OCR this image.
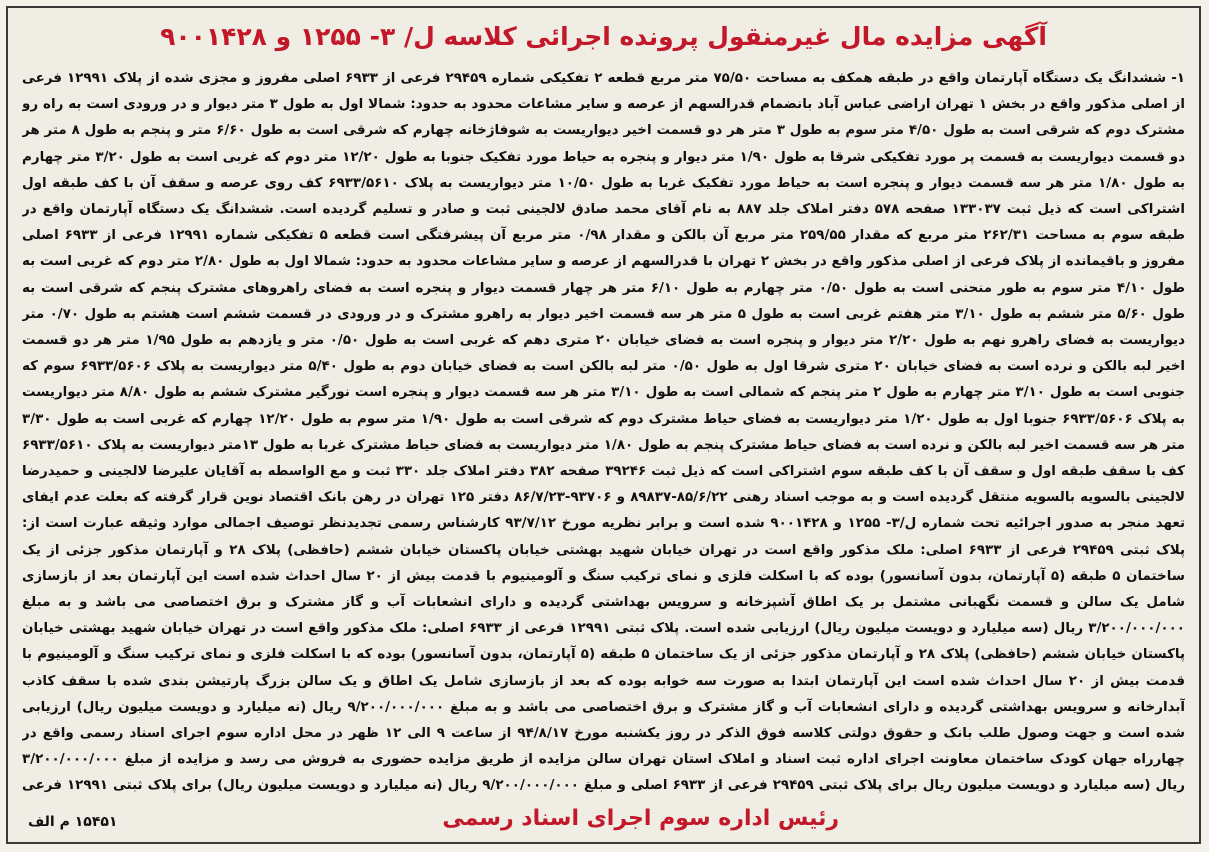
آگهی مزایده مال غیرمنقول پرونده اجرائی کلاسه ل/ ۳- ۱۲۵۵ و ۹۰۰۱۴۲۸
۱- ششدانگ یک دستگاه آپارتمان واقع در طبقه همکف به مساحت ۷۵/۵۰ متر مربع قطعه ۲ تفکیکی شماره ۲۹۴۵۹ فرعی از ۶۹۳۳ اصلی مفروز و مجزی شده از پلاک ۱۲۹۹۱ فرعی از اصلی مذکور واقع در بخش ۱ تهران اراضی عباس آباد بانضمام قدرالسهم از عرصه و سایر مشاعات محدود به حدود: شمالا اول به طول ۳ متر دیوار و در ورودی است به راه رو مشترک دوم که شرقی است به طول ۴/۵۰ متر سوم به طول ۳ متر هر دو قسمت اخیر دیواریست به شوفاژخانه چهارم که شرقی است به طول ۶/۶۰ متر و پنجم به طول ۸ متر هر دو قسمت دیواریست به قسمت پر مورد تفکیکی شرقا به طول ۱/۹۰ متر دیوار و پنجره به حیاط مورد تفکیک جنوبا به طول ۱۲/۲۰ متر دوم که غربی است به طول ۳/۲۰ متر چهارم به طول ۱/۸۰ متر هر سه قسمت دیوار و پنجره است به حیاط مورد تفکیک غربا به طول ۱۰/۵۰ متر دیواریست به پلاک ۶۹۳۳/۵۶۱۰ کف روی عرصه و سقف آن با کف طبقه اول اشتراکی است که ذیل ثبت ۱۳۳۰۳۷ صفحه ۵۷۸ دفتر املاک جلد ۸۸۷ به نام آقای محمد صادق لالجینی ثبت و صادر و تسلیم گردیده است. ششدانگ یک دستگاه آپارتمان واقع در طبقه سوم به مساحت ۲۶۲/۳۱ متر مربع که مقدار ۲۵۹/۵۵ متر مربع آن بالکن و مقدار ۰/۹۸ متر مربع آن پیشرفتگی است قطعه ۵ تفکیکی شماره ۱۲۹۹۱ فرعی از ۶۹۳۳ اصلی مفروز و باقیمانده از پلاک فرعی از اصلی مذکور واقع در بخش ۲ تهران با قدرالسهم از عرصه و سایر مشاعات محدود به حدود: شمالا اول به طول ۲/۸۰ متر دوم که غربی است به طول ۴/۱۰ متر سوم به طور منحنی است به طول ۰/۵۰ متر چهارم به طول ۶/۱۰ متر هر چهار قسمت دیوار و پنجره است به فضای راهروهای مشترک پنجم که شرقی است به طول ۵/۶۰ متر ششم به طول ۳/۱۰ متر هفتم غربی است به طول ۵ متر هر سه قسمت اخیر دیوار به راهرو مشترک و در ورودی در قسمت ششم است هشتم به طول ۰/۷۰ متر دیواریست به فضای راهرو نهم به طول ۲/۲۰ متر دیوار و پنجره است به فضای خیابان ۲۰ متری دهم که غربی است به طول ۰/۵۰ متر و یازدهم به طول ۱/۹۵ متر هر دو قسمت اخیر لبه بالکن و نرده است به فضای خیابان ۲۰ متری شرقا اول به طول ۰/۵۰ متر لبه بالکن است به فضای خیابان دوم به طول ۵/۴۰ متر دیواریست به پلاک ۶۹۳۳/۵۶۰۶ سوم که جنوبی است به طول ۳/۱۰ متر چهارم به طول ۲ متر پنجم که شمالی است به طول ۳/۱۰ متر هر سه قسمت دیوار و پنجره است نورگیر مشترک ششم به طول ۸/۸۰ متر دیواریست به پلاک ۶۹۳۳/۵۶۰۶ جنوبا اول به طول ۱/۲۰ متر دیواریست به فضای حیاط مشترک دوم که شرقی است به طول ۱/۹۰ متر سوم به طول ۱۲/۲۰ چهارم که غربی است به طول ۳/۳۰ متر هر سه قسمت اخیر لبه بالکن و نرده است به فضای حیاط مشترک پنجم به طول ۱/۸۰ متر دیواریست به فضای حیاط مشترک غربا به طول ۱۳متر دیواریست به پلاک ۶۹۳۳/۵۶۱۰ کف با سقف طبقه اول و سقف آن با کف طبقه سوم اشتراکی است که ذیل ثبت ۳۹۲۴۶ صفحه ۳۸۲ دفتر املاک جلد ۳۳۰ ثبت و مع الواسطه به آقایان علیرضا لالجینی و حمیدرضا لالجینی بالسویه بالسویه منتقل گردیده است و به موجب اسناد رهنی ۸۵/۶/۲۲-۸۹۸۳۷ و ۹۳۷۰۶-۸۶/۷/۲۳ دفتر ۱۲۵ تهران در رهن بانک اقتصاد نوین قرار گرفته که بعلت عدم ایفای تعهد منجر به صدور اجرائیه تحت شماره ل/۳- ۱۲۵۵ و ۹۰۰۱۴۲۸ شده است و برابر نظریه مورخ ۹۳/۷/۱۲ کارشناس رسمی تجدیدنظر توصیف اجمالی موارد وثیقه عبارت است از: پلاک ثبتی ۲۹۴۵۹ فرعی از ۶۹۳۳ اصلی: ملک مذکور واقع است در تهران خیابان شهید بهشتی خیابان پاکستان خیابان ششم (حافظی) پلاک ۲۸ و آپارتمان مذکور جزئی از یک ساختمان ۵ طبقه (۵ آپارتمان، بدون آسانسور) بوده که با اسکلت فلزی و نمای ترکیب سنگ و آلومینیوم با قدمت بیش از ۲۰ سال احداث شده است این آپارتمان بعد از بازسازی شامل یک سالن و قسمت نگهبانی مشتمل بر یک اطاق آشپزخانه و سرویس بهداشتی گردیده و دارای انشعابات آب و گاز مشترک و برق اختصاصی می باشد و به مبلغ ۳/۲۰۰/۰۰۰/۰۰۰ ریال (سه میلیارد و دویست میلیون ریال) ارزیابی شده است. پلاک ثبتی ۱۲۹۹۱ فرعی از ۶۹۳۳ اصلی: ملک مذکور واقع است در تهران خیابان شهید بهشتی خیابان پاکستان خیابان ششم (حافظی) پلاک ۲۸ و آپارتمان مذکور جزئی از یک ساختمان ۵ طبقه (۵ آپارتمان، بدون آسانسور) بوده که با اسکلت فلزی و نمای ترکیب سنگ و آلومینیوم با قدمت بیش از ۲۰ سال احداث شده است این آپارتمان ابتدا به صورت سه خوابه بوده که بعد از بازسازی شامل یک اطاق و یک سالن بزرگ پارتیشن بندی شده با سقف کاذب آبدارخانه و سرویس بهداشتی گردیده و دارای انشعابات آب و گاز مشترک و برق اختصاصی می باشد و به مبلغ ۹/۲۰۰/۰۰۰/۰۰۰ ریال (نه میلیارد و دویست میلیون ریال) ارزیابی شده است و جهت وصول طلب بانک و حقوق دولتی کلاسه فوق الذکر در روز یکشنبه مورخ ۹۴/۸/۱۷ از ساعت ۹ الی ۱۲ ظهر در محل اداره سوم اجرای اسناد رسمی واقع در چهارراه جهان کودک ساختمان معاونت اجرای اداره ثبت اسناد و املاک استان تهران سالن مزایده از طریق مزایده حضوری به فروش می رسد و مزایده از مبلغ ۳/۲۰۰/۰۰۰/۰۰۰ ریال (سه میلیارد و دویست میلیون ریال برای پلاک ثبتی ۲۹۴۵۹ فرعی از ۶۹۳۳ اصلی و مبلغ ۹/۲۰۰/۰۰۰/۰۰۰ ریال (نه میلیارد و دویست میلیون ریال) برای پلاک ثبتی ۱۲۹۹۱ فرعی
رئیس اداره سوم اجرای اسناد رسمی
۱۵۴۵۱ م الف
